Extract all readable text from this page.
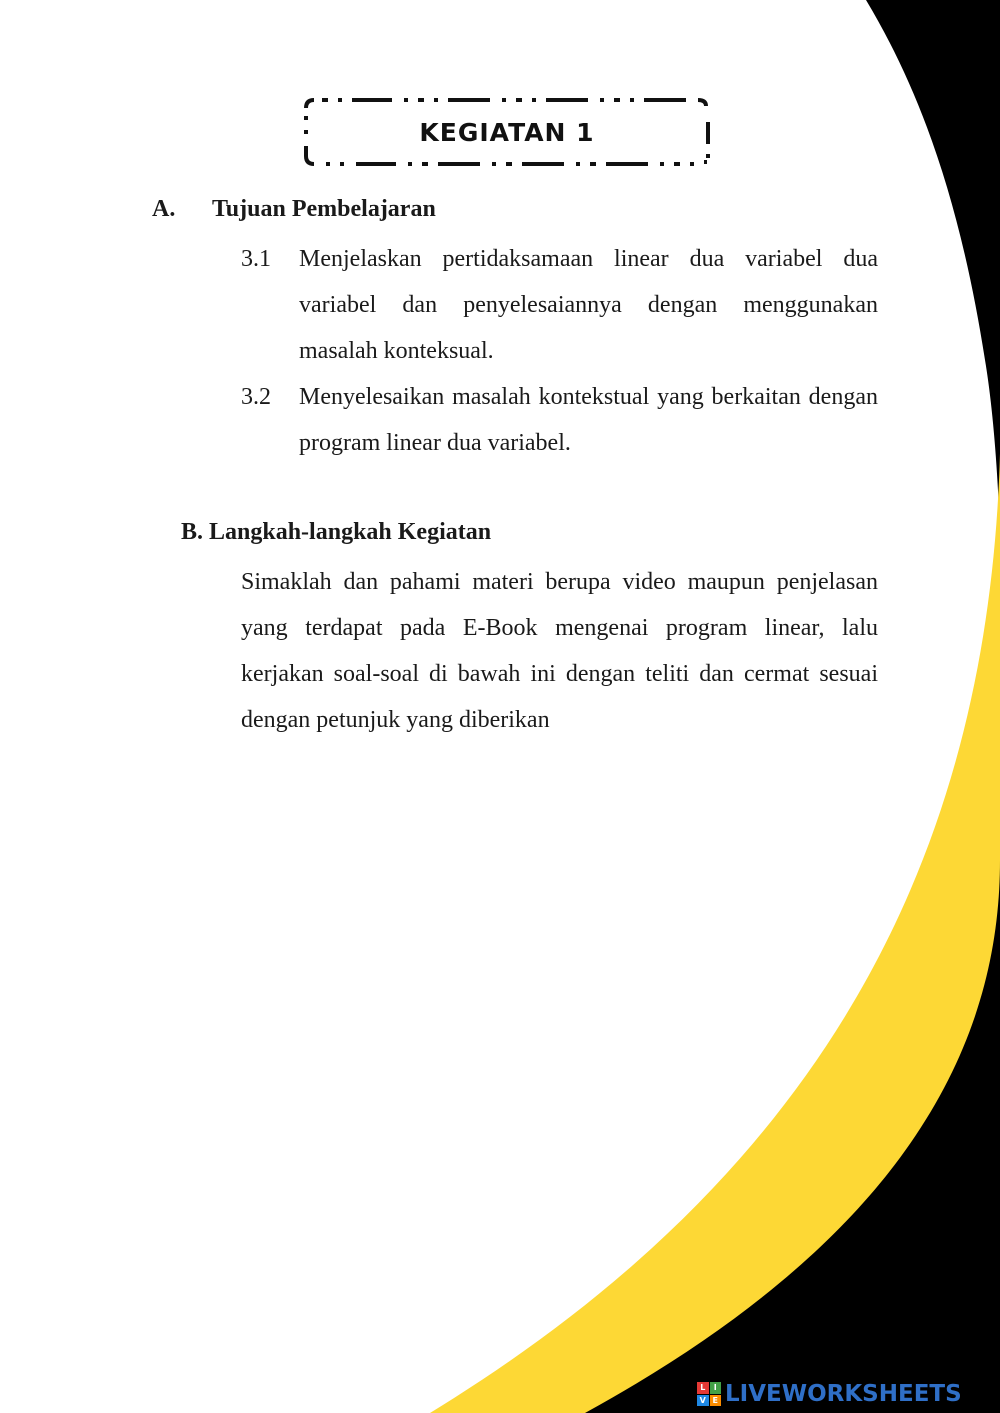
KEGIATAN 1
A. Tujuan Pembelajaran
3.1 Menjelaskan pertidaksamaan linear dua variabel dua variabel dan penyelesaiannya dengan menggunakan masalah konteksual.
3.2 Menyelesaikan masalah kontekstual yang berkaitan dengan program linear dua variabel.
B. Langkah-langkah Kegiatan
Simaklah dan pahami materi berupa video maupun penjelasan yang terdapat pada E-Book mengenai program linear, lalu kerjakan soal-soal di bawah ini dengan teliti dan cermat sesuai dengan petunjuk yang diberikan
L	I
V E LIVEWORKSHEETS
